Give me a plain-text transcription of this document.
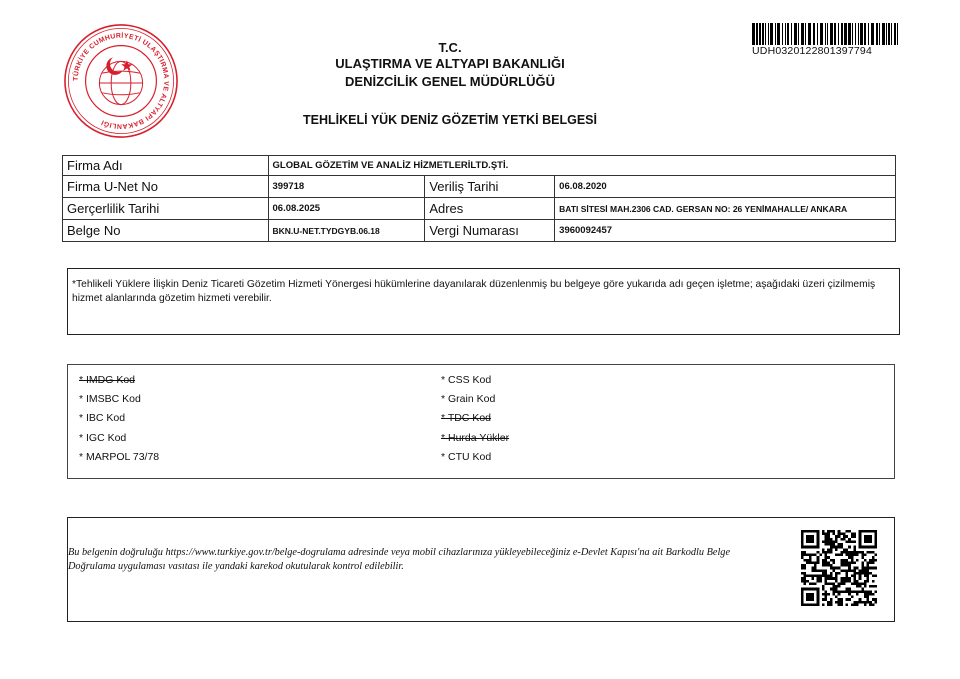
TÜRKİYE CUMHURİYETİ ULAŞTIRMA VE ALTYAPI BAKANLIĞI
UDH0320122801397794
T.C.
ULAŞTIRMA VE ALTYAPI BAKANLIĞI
DENİZCİLİK GENEL MÜDÜRLÜĞÜ
TEHLİKELİ YÜK DENİZ GÖZETİM YETKİ BELGESİ
Firma Adı	GLOBAL GÖZETİM VE ANALİZ HİZMETLERİLTD.ŞTİ.		
Firma U-Net No	399718	Veriliş Tarihi	06.08.2020
Gerçerlilik Tarihi	06.08.2025	Adres	BATI SİTESİ MAH.2306 CAD. GERSAN NO: 26 YENİMAHALLE/ ANKARA
Belge No	BKN.U-NET.TYDGYB.06.18	Vergi Numarası	3960092457
*Tehlikeli Yüklere İlişkin Deniz Ticareti Gözetim Hizmeti Yönergesi hükümlerine dayanılarak düzenlenmiş bu belgeye göre yukarıda adı geçen işletme; aşağıdaki üzeri çizilmemiş hizmet alanlarında gözetim hizmeti verebilir.
* IMDG Kod
* IMSBC Kod
* IBC Kod
* IGC Kod
* MARPOL 73/78
* CSS Kod
* Grain Kod
* TDC Kod
* Hurda Yükler
* CTU Kod
Bu belgenin doğruluğu https://www.turkiye.gov.tr/belge-dogrulama adresinde veya mobil cihazlarınıza yükleyebileceğiniz e-Devlet Kapısı'na ait Barkodlu Belge Doğrulama uygulaması vasıtası ile yandaki karekod okutularak kontrol edilebilir.
